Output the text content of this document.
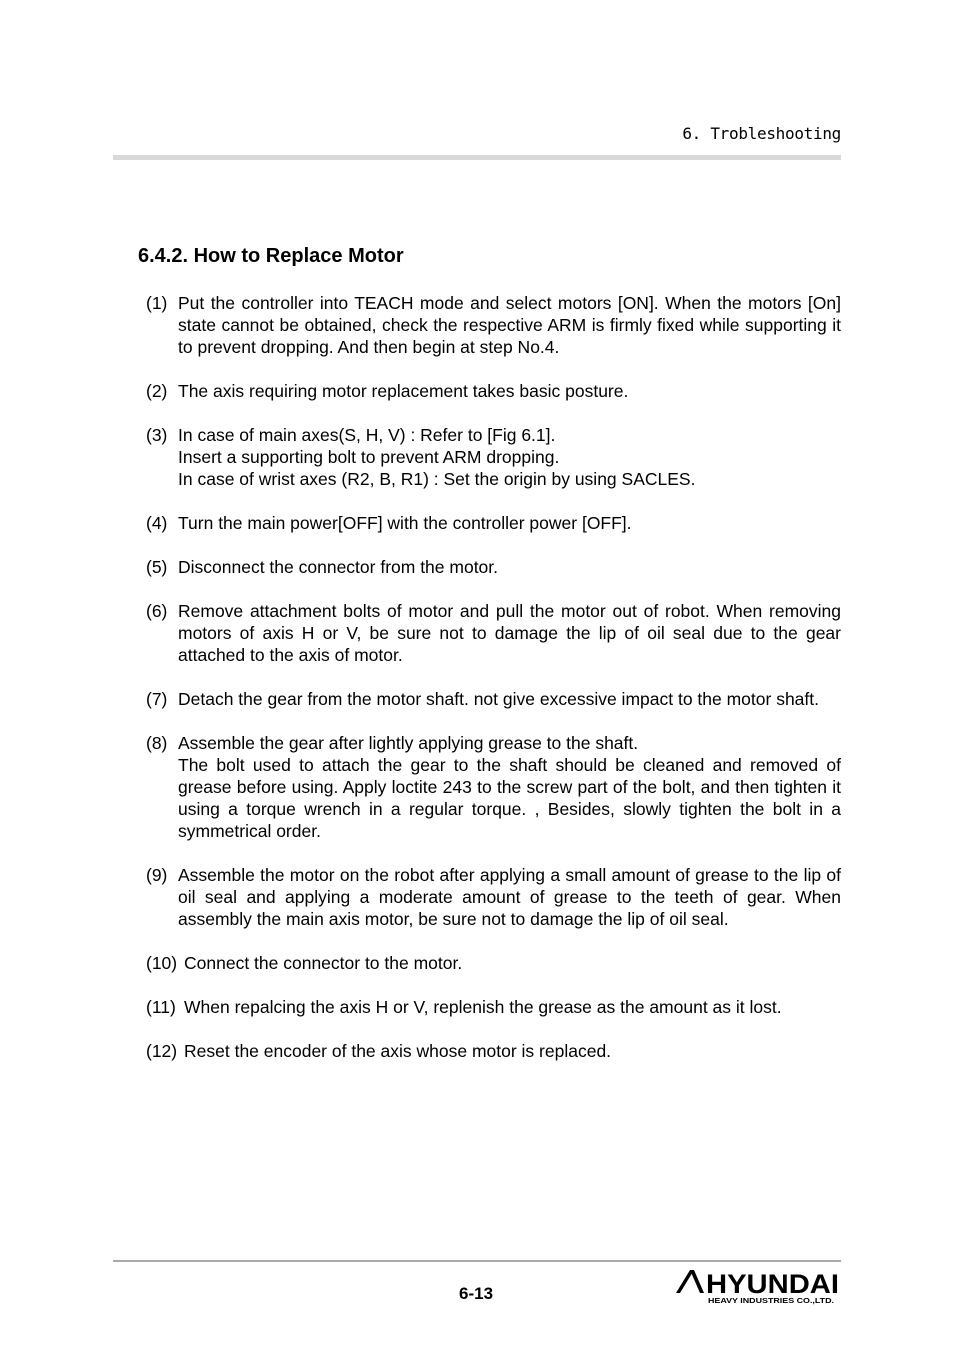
6. Trobleshooting
6.4.2. How to Replace Motor
(1) Put the controller into TEACH mode and select motors [ON]. When the motors [On] state cannot be obtained, check the respective ARM is firmly fixed while supporting it to prevent dropping. And then begin at step No.4.
(2) The axis requiring motor replacement takes basic posture.
(3) In case of main axes(S, H, V) : Refer to [Fig 6.1].
Insert a supporting bolt to prevent ARM dropping.
In case of wrist axes (R2, B, R1) : Set the origin by using SACLES.
(4) Turn the main power[OFF] with the controller power [OFF].
(5) Disconnect the connector from the motor.
(6) Remove attachment bolts of motor and pull the motor out of robot. When removing motors of axis H or V, be sure not to damage the lip of oil seal due to the gear attached to the axis of motor.
(7) Detach the gear from the motor shaft. not give excessive impact to the motor shaft.
(8) Assemble the gear after lightly applying grease to the shaft.
The bolt used to attach the gear to the shaft should be cleaned and removed of grease before using. Apply loctite 243 to the screw part of the bolt, and then tighten it using a torque wrench in a regular torque. , Besides, slowly tighten the bolt in a symmetrical order.
(9) Assemble the motor on the robot after applying a small amount of grease to the lip of oil seal and applying a moderate amount of grease to the teeth of gear. When assembly the main axis motor, be sure not to damage the lip of oil seal.
(10) Connect the connector to the motor.
(11) When repalcing the axis H or V, replenish the grease as the amount as it lost.
(12) Reset the encoder of the axis whose motor is replaced.
6-13	HYUNDAI
HEAVY INDUSTRIES CO.,LTD.
